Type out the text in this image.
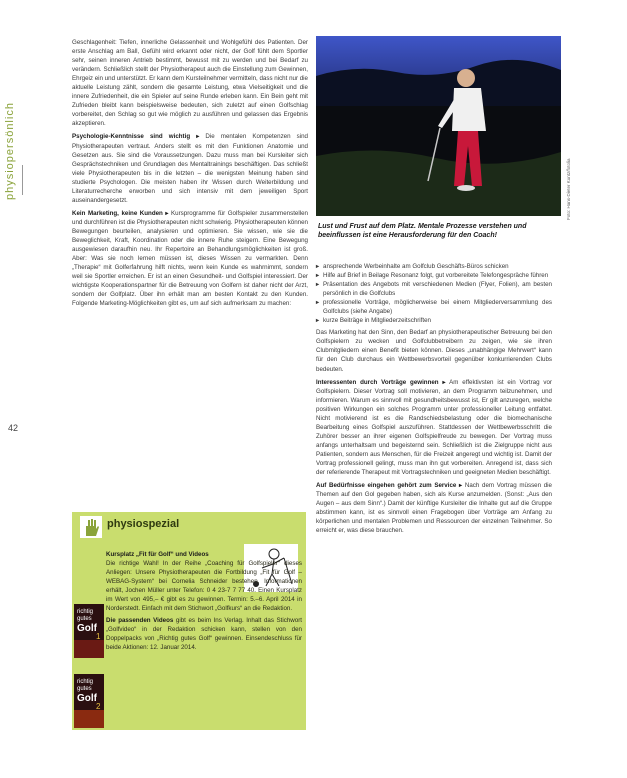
physiopersönlich
42

Geschlagenheit: Tiefen, innerliche Gelassenheit und Wohlgefühl des Patienten. Der erste Anschlag am Ball, Gefühl wird erkannt oder nicht, der Golf fühlt dem Sportler sehr, seinen inneren Antrieb bestimmt, bewusst mit zu werden und bei Bedarf zu verändern. Schließlich stellt der Physiotherapeut auch die Einstellung zum Gewinnen, Ehrgeiz ein und unterstützt. Er kann dem Kursteilnehmer vermitteln, dass nicht nur die aktuelle Leistung zählt, sondern die gesamte Leistung, etwa Vielseitigkeit und die innere Zufriedenheit, die ein Spieler auf seine Runde erleben kann. Ein Bein geht mit Zufrieden bleibt kann beispielsweise bedeuten, sich zuletzt auf einen Golfschlag vorbereitet, den Schlag so gut wie möglich zu ausführen und gelassen das Ergebnis akzeptieren.

Psychologie-Kenntnisse sind wichtig ▸ Die mentalen Kompetenzen sind Physiotherapeuten vertraut. Anders stellt es mit den Funktionen Anatomie und Gesetzen aus. Sie sind die Voraussetzungen. Dazu muss man bei Kursleiter sich Gesprächstechniken und Grundlagen des Mentaltrainings beschäftigen. Das schließt viele Physiotherapeuten bis in die letzten – die wenigsten Meinung haben sind studierte Psychologen. Die meisten haben ihr Wissen durch Weiterbildung und Literaturrecherche erworben und sich intensiv mit dem jeweiligen Sport auseinandergesetzt.

Kein Marketing, keine Kunden ▸ Kursprogramme für Golfspieler zusammenstellen und durchführen ist die Physiotherapeuten nicht schwierig. Physiotherapeuten können Bewegungen beurteilen, analysieren und optimieren. Sie wissen, wie sie die Beweglichkeit, Kraft, Koordination oder die innere Ruhe steigern. Eine Bewegung ausgewiesen daraufhin neu. Ihr Repertoire an Behandlungsmöglichkeiten ist groß. Aber: Was sie noch lernen müssen ist, dieses Wissen zu vermarkten. Denn „Therapie“ mit Golferfahrung hilft nichts, wenn kein Kunde es wahrnimmt, sondern weil sie Sportler erreichen. Er ist an einen Gesundheit- und Golfspiel interessiert. Der wichtigste Kooperationspartner für die Betreuung von Golfern ist daher nicht der Arzt, sondern der Golfplatz. Über ihn erhält man am besten Kontakt zu den Kunden. Folgende Marketing-Möglichkeiten gibt es, um auf sich aufmerksam zu machen:

Foto: Hans-Dieter Kuntz/fotolia
Lust und Frust auf dem Platz. Mentale Prozesse verstehen und beeinflussen ist eine Herausforderung für den Coach!
▸ ansprechende Werbeinhalte am Golfclub Geschäfts-Büros schicken
▸ Hilfe auf Brief in Beilage Resonanz folgt, gut vorbereitete Telefongespräche führen
▸ Präsentation des Angebots mit verschiedenen Medien (Flyer, Folien), am besten persönlich in die Golfclubs
▸ professionelle Vorträge, möglicherweise bei einem Mitgliederversammlung des Golfclubs (siehe Angabe)
▸ kurze Beiträge in Mitgliederzeitschriften

Das Marketing hat den Sinn, den Bedarf an physiotherapeutischer Betreuung bei den Golfspielern zu wecken und Golfclubbetreibern zu zeigen, wie sie ihren Clubmitgliedern einen Benefit bieten können. Dieses „unabhängige Mehrwert“ kann für den Club durchaus ein Wettbewerbsvorteil gegenüber konkurrierenden Clubs bedeuten.

Interessenten durch Vorträge gewinnen ▸ Am effektivsten ist ein Vortrag vor Golfspielern. Dieser Vortrag soll motivieren, an dem Programm teilzunehmen, und informieren. Warum es sinnvoll mit gesundheitsbewusst ist, Er gilt anzuregen, welche positiven Wirkungen ein solches Programm unter professioneller Leitung entfaltet. Nicht motivierend ist es die Randschiedsbelastung oder die biomechanische Bearbeitung eines Golfspiel auszuführen. Stattdessen der Wettbewerbsschritt die Zuhörer besser an ihrer eigenen Golfspielfreude zu bewegen. Der Vortrag muss anfangs unterhaltsam und begeisternd sein. Schließlich ist die Zielgruppe nicht aus Patienten, sondern aus Menschen, für die Freizeit angeregt und wichtig ist. Damit der Vortrag professionell gelingt, muss man ihn gut vorbereiten. Anregend ist, dass sich der referierende Therapeut mit Vortragstechniken und geeigneten Medien beschäftigt.

Auf Bedürfnisse eingehen gehört zum Service ▸ Nach dem Vortrag müssen die Themen auf den Gol gegeben haben, sich als Kurse anzumelden. (Sonst: „Aus den Augen – aus dem Sinn“.) Damit der künftige Kursleiter die Inhalte gut auf die Gruppe abstimmen kann, ist es sinnvoll einen Fragebogen über Vorträge am Anfang zu körperlichen und mentalen Problemen und Ressourcen der einzelnen Teilnehmer. So erreicht er, was diese brauchen.

physiospezial

Kursplatz „Fit für Golf“ und Videos
Die richtige Wahl! In der Reihe „Coaching für Golfspieler“ dieses Anliegen: Unsere Physiotherapeuten die Fortbildung „Fit für Golf – WEBAG-System“ bei Cornelia Schneider bestehen. Informationen erhält, Jochen Müller unter Telefon: 0 4 23-7 7 77 40. Einen Kursplatz im Wert von 495,– € gibt es zu gewinnen. Termin: 5.–6. April 2014 in Norderstedt. Einfach mit dem Stichwort „Golfkurs“ an die Redaktion.

Die passenden Videos gibt es beim Ins Verlag. Inhalt das Stichwort „Golfvideo“ in der Redaktion schicken kann, stellen von den Doppelpacks von „Richtig gutes Golf“ gewinnen. Einsendeschluss für beide Aktionen: 12. Januar 2014.

richtig
gutes
Golf
1
richtig
gutes
Golf
2
